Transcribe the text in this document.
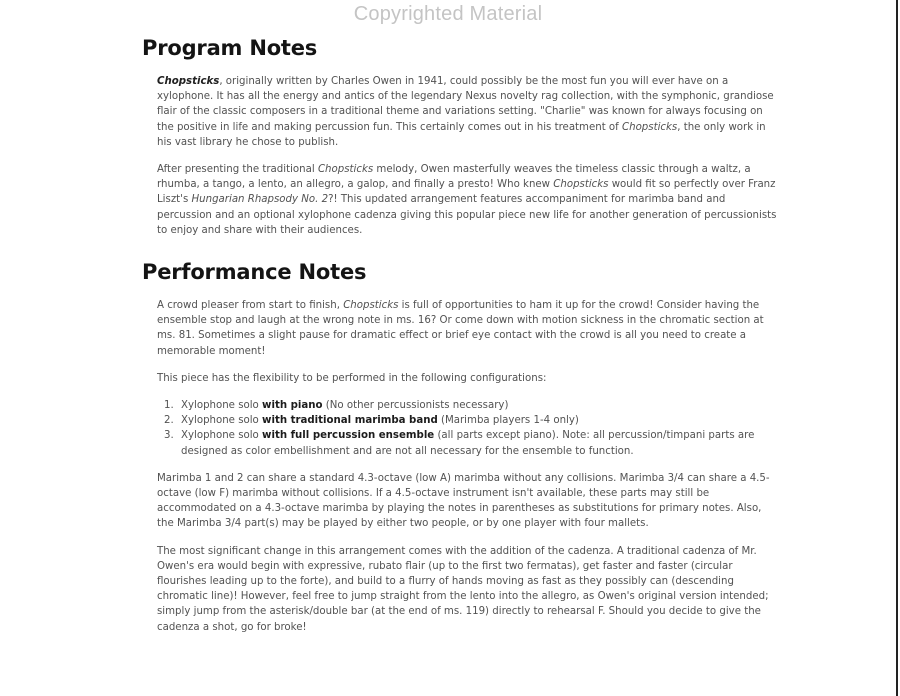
Copyrighted Material
Program Notes

Chopsticks, originally written by Charles Owen in 1941, could possibly be the most fun you will ever have on a xylophone. It has all the energy and antics of the legendary Nexus novelty rag collection, with the symphonic, grandiose flair of the classic composers in a traditional theme and variations setting. "Charlie" was known for always focusing on the positive in life and making percussion fun. This certainly comes out in his treatment of Chopsticks, the only work in his vast library he chose to publish.

After presenting the traditional Chopsticks melody, Owen masterfully weaves the timeless classic through a waltz, a rhumba, a tango, a lento, an allegro, a galop, and finally a presto! Who knew Chopsticks would fit so perfectly over Franz Liszt's Hungarian Rhapsody No. 2?! This updated arrangement features accompaniment for marimba band and percussion and an optional xylophone cadenza giving this popular piece new life for another generation of percussionists to enjoy and share with their audiences.

Performance Notes

A crowd pleaser from start to finish, Chopsticks is full of opportunities to ham it up for the crowd! Consider having the ensemble stop and laugh at the wrong note in ms. 16? Or come down with motion sickness in the chromatic section at ms. 81. Sometimes a slight pause for dramatic effect or brief eye contact with the crowd is all you need to create a memorable moment!

This piece has the flexibility to be performed in the following configurations:

1. Xylophone solo with piano (No other percussionists necessary)
2. Xylophone solo with traditional marimba band (Marimba players 1-4 only)
3. Xylophone solo with full percussion ensemble (all parts except piano). Note: all percussion/timpani parts are designed as color embellishment and are not all necessary for the ensemble to function.

Marimba 1 and 2 can share a standard 4.3-octave (low A) marimba without any collisions. Marimba 3/4 can share a 4.5-octave (low F) marimba without collisions. If a 4.5-octave instrument isn't available, these parts may still be accommodated on a 4.3-octave marimba by playing the notes in parentheses as substitutions for primary notes. Also, the Marimba 3/4 part(s) may be played by either two people, or by one player with four mallets.

The most significant change in this arrangement comes with the addition of the cadenza. A traditional cadenza of Mr. Owen's era would begin with expressive, rubato flair (up to the first two fermatas), get faster and faster (circular flourishes leading up to the forte), and build to a flurry of hands moving as fast as they possibly can (descending chromatic line)! However, feel free to jump straight from the lento into the allegro, as Owen's original version intended; simply jump from the asterisk/double bar (at the end of ms. 119) directly to rehearsal F. Should you decide to give the cadenza a shot, go for broke!
